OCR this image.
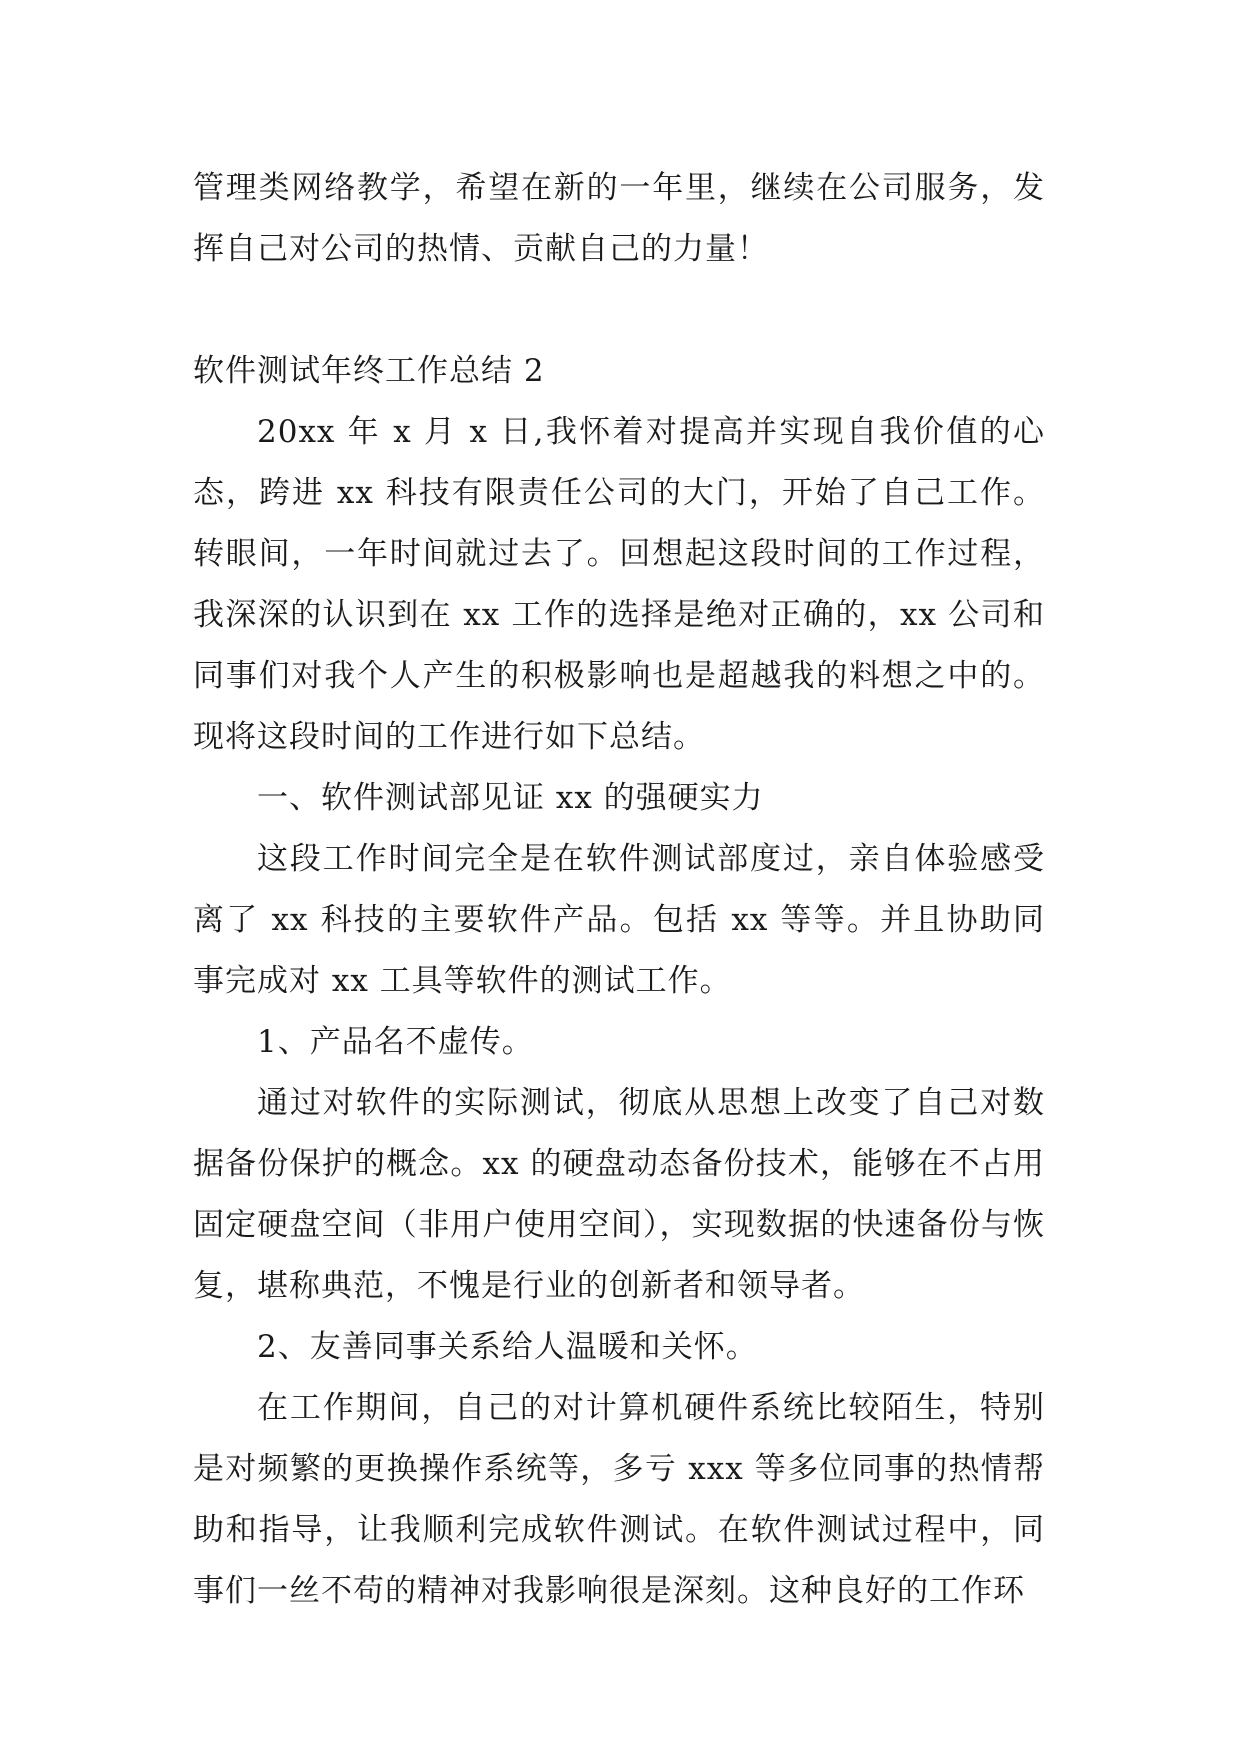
管理类网络教学，希望在新的一年里，继续在公司服务，发挥自己对公司的热情、贡献自己的力量！

软件测试年终工作总结 2

20xx 年 x 月 x 日,我怀着对提高并实现自我价值的心态，跨进 xx 科技有限责任公司的大门，开始了自己工作。转眼间，一年时间就过去了。回想起这段时间的工作过程，我深深的认识到在 xx 工作的选择是绝对正确的，xx 公司和同事们对我个人产生的积极影响也是超越我的料想之中的。现将这段时间的工作进行如下总结。

一、软件测试部见证 xx 的强硬实力

这段工作时间完全是在软件测试部度过，亲自体验感受离了 xx 科技的主要软件产品。包括 xx 等等。并且协助同事完成对 xx 工具等软件的测试工作。

1、产品名不虚传。

通过对软件的实际测试，彻底从思想上改变了自己对数据备份保护的概念。xx 的硬盘动态备份技术，能够在不占用固定硬盘空间（非用户使用空间），实现数据的快速备份与恢复，堪称典范，不愧是行业的创新者和领导者。

2、友善同事关系给人温暖和关怀。

在工作期间，自己的对计算机硬件系统比较陌生，特别是对频繁的更换操作系统等，多亏 xxx 等多位同事的热情帮助和指导，让我顺利完成软件测试。在软件测试过程中，同事们一丝不苟的精神对我影响很是深刻。这种良好的工作环
